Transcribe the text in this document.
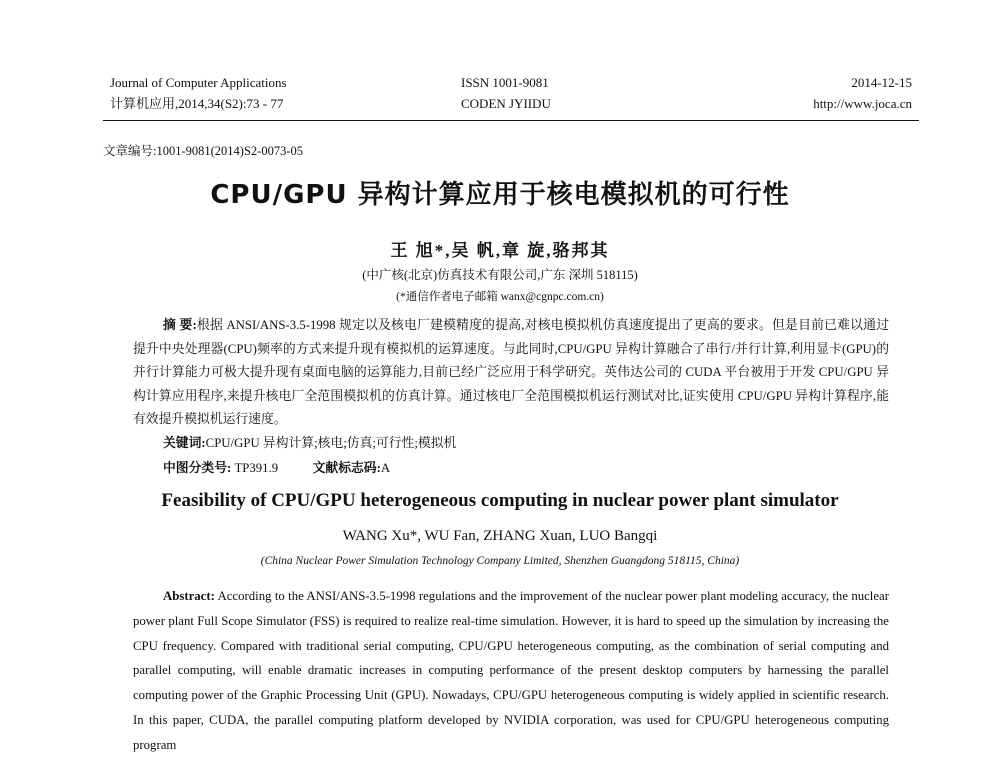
Journal of Computer Applications
计算机应用,2014,34(S2):73 - 77
ISSN 1001-9081
CODEN JYIIDU
2014-12-15
http://www.joca.cn
文章编号:1001-9081(2014)S2-0073-05
CPU/GPU 异构计算应用于核电模拟机的可行性
王 旭*,吴 帆,章 旋,骆邦其
(中广核(北京)仿真技术有限公司,广东 深圳 518115)
(*通信作者电子邮箱 wanx@cgnpc.com.cn)
摘 要:根据 ANSI/ANS-3.5-1998 规定以及核电厂建模精度的提高,对核电模拟机仿真速度提出了更高的要求。但是目前已难以通过提升中央处理器(CPU)频率的方式来提升现有模拟机的运算速度。与此同时,CPU/GPU 异构计算融合了串行/并行计算,利用显卡(GPU)的并行计算能力可极大提升现有桌面电脑的运算能力,目前已经广泛应用于科学研究。英伟达公司的 CUDA 平台被用于开发 CPU/GPU 异构计算应用程序,来提升核电厂全范围模拟机的仿真计算。通过核电厂全范围模拟机运行测试对比,证实使用 CPU/GPU 异构计算程序,能有效提升模拟机运行速度。
关键词:CPU/GPU 异构计算;核电;仿真;可行性;模拟机
中图分类号: TP391.9	文献标志码:A
Feasibility of CPU/GPU heterogeneous computing in nuclear power plant simulator
WANG Xu*, WU Fan, ZHANG Xuan, LUO Bangqi
(China Nuclear Power Simulation Technology Company Limited, Shenzhen Guangdong 518115, China)
Abstract: According to the ANSI/ANS-3.5-1998 regulations and the improvement of the nuclear power plant modeling accuracy, the nuclear power plant Full Scope Simulator (FSS) is required to realize real-time simulation. However, it is hard to speed up the simulation by increasing the CPU frequency. Compared with traditional serial computing, CPU/GPU heterogeneous computing, as the combination of serial computing and parallel computing, will enable dramatic increases in computing performance of the present desktop computers by harnessing the parallel computing power of the Graphic Processing Unit (GPU). Nowadays, CPU/GPU heterogeneous computing is widely applied in scientific research. In this paper, CUDA, the parallel computing platform developed by NVIDIA corporation, was used for CPU/GPU heterogeneous computing program
